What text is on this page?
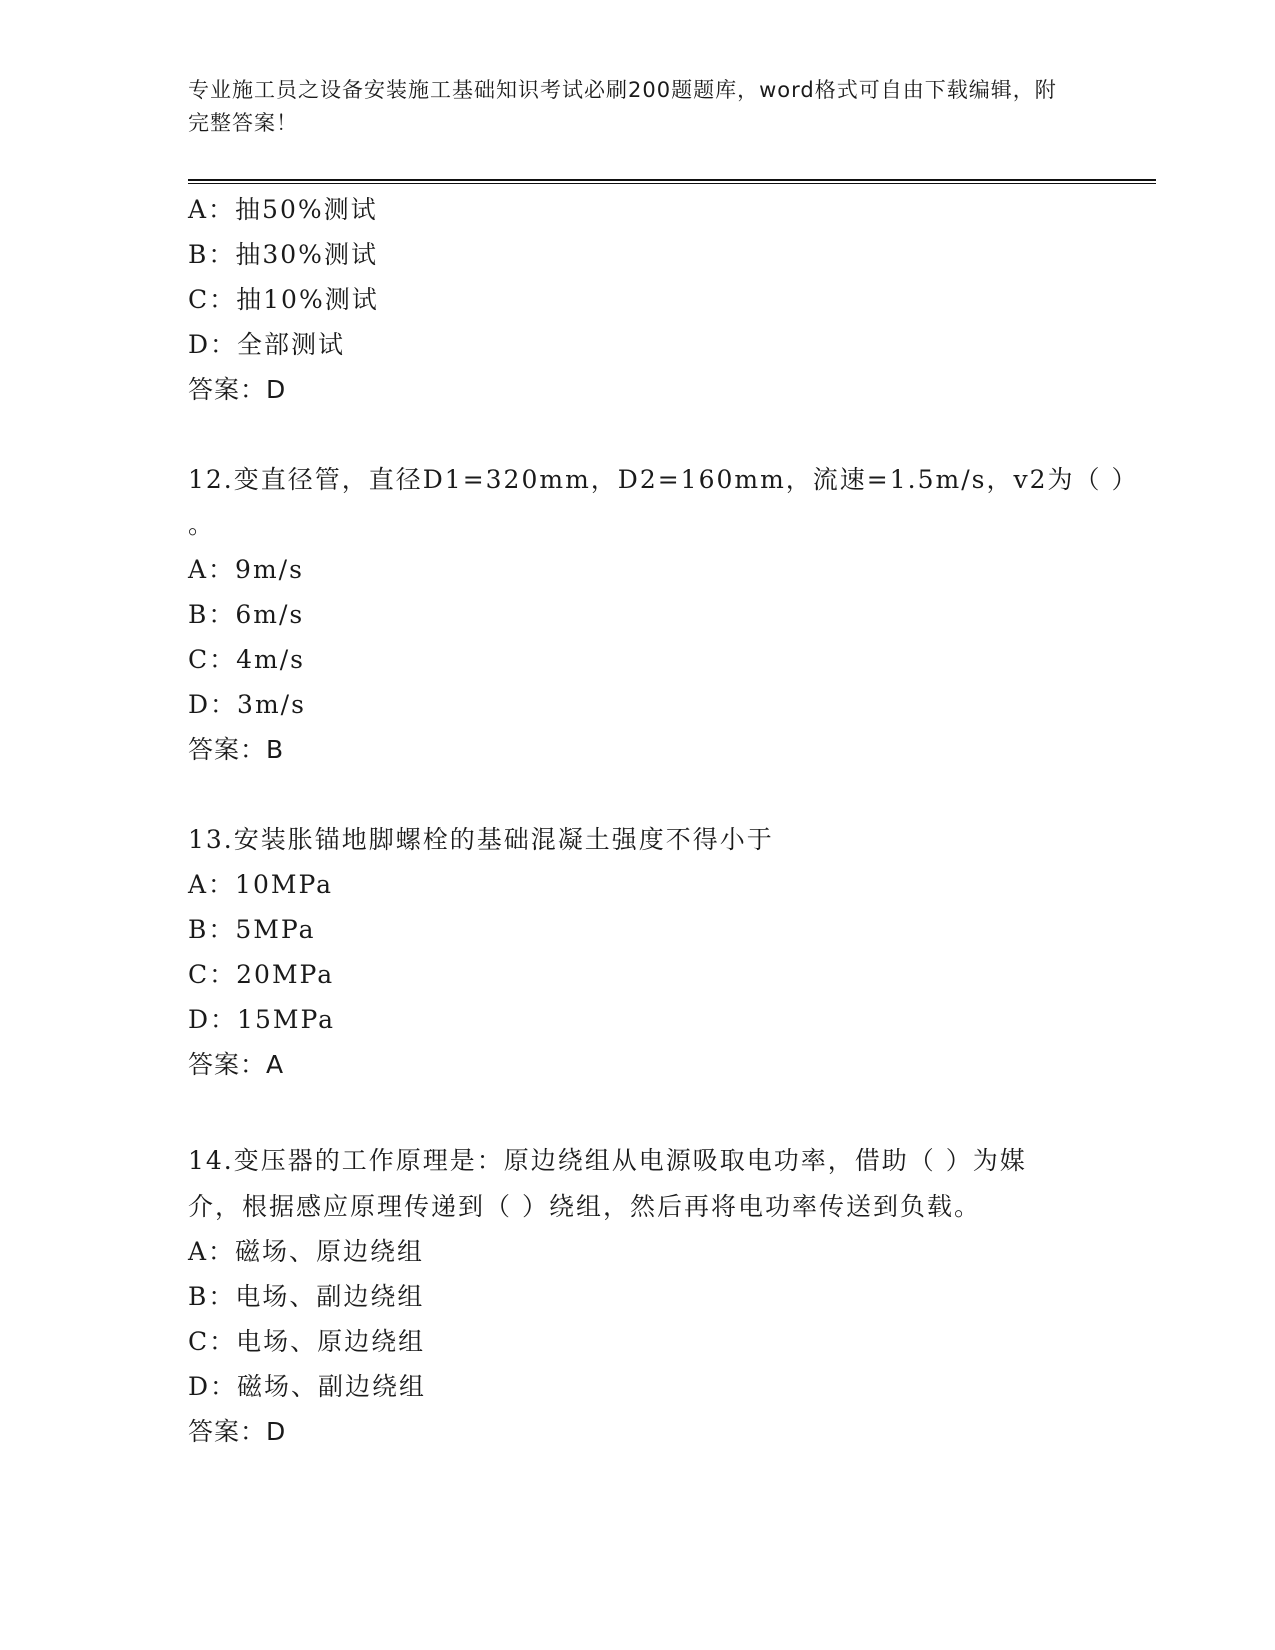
专业施工员之设备安装施工基础知识考试必刷200题题库，word格式可自由下载编辑，附完整答案！
A：抽50%测试
B：抽30%测试
C：抽10%测试
D：全部测试
答案：D
12.变直径管，直径D1=320mm，D2=160mm，流速=1.5m/s，v2为（ ）
。
A：9m/s
B：6m/s
C：4m/s
D：3m/s
答案：B
13.安装胀锚地脚螺栓的基础混凝土强度不得小于
A：10MPa
B：5MPa
C：20MPa
D：15MPa
答案：A
14.变压器的工作原理是：原边绕组从电源吸取电功率，借助（ ）为媒介，根据感应原理传递到（ ）绕组，然后再将电功率传送到负载。
A：磁场、原边绕组
B：电场、副边绕组
C：电场、原边绕组
D：磁场、副边绕组
答案：D
